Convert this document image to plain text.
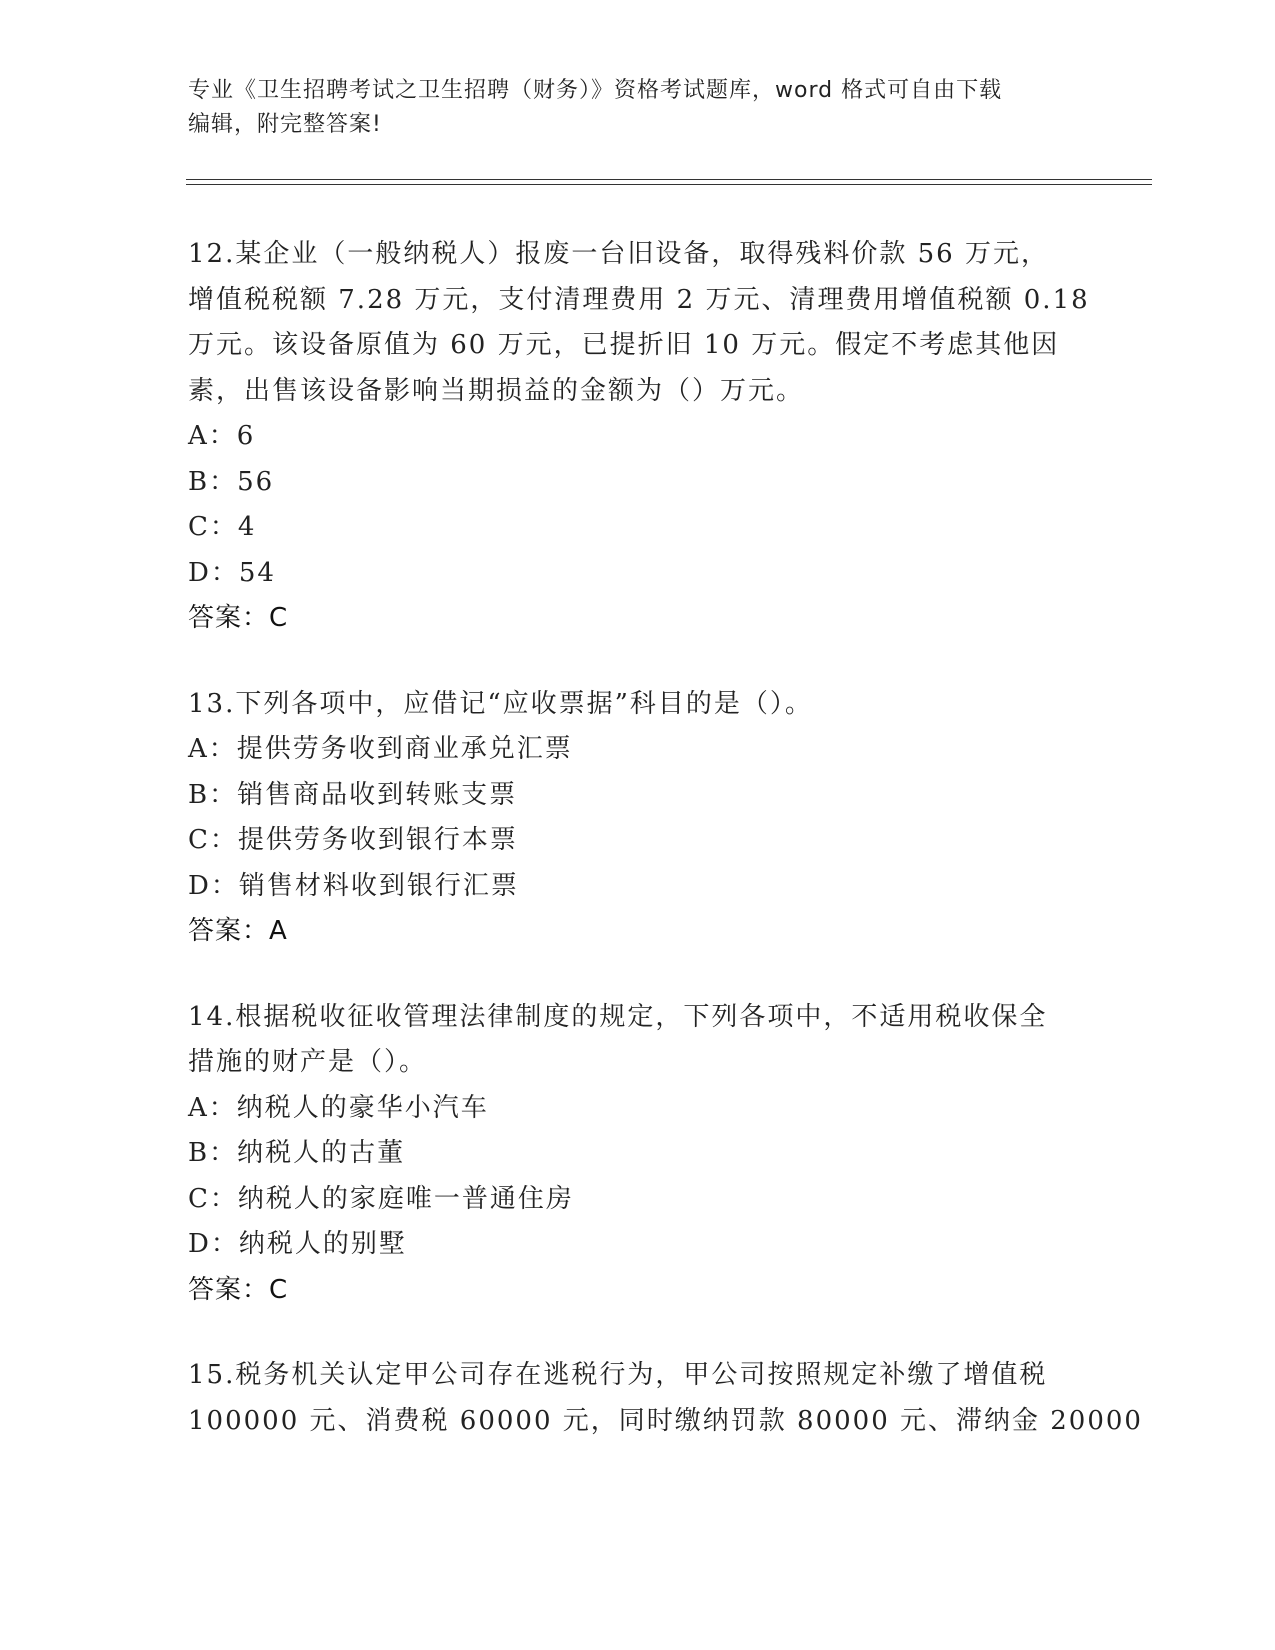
专业《卫生招聘考试之卫生招聘（财务）》资格考试题库，word 格式可自由下载
编辑，附完整答案!
12.某企业（一般纳税人）报废一台旧设备，取得残料价款 56 万元，
增值税税额 7.28 万元，支付清理费用 2 万元、清理费用增值税额 0.18
万元。该设备原值为 60 万元，已提折旧 10 万元。假定不考虑其他因
素，出售该设备影响当期损益的金额为（）万元。
A：6
B：56
C：4
D：54
答案：C
13.下列各项中，应借记“应收票据”科目的是（）。
A：提供劳务收到商业承兑汇票
B：销售商品收到转账支票
C：提供劳务收到银行本票
D：销售材料收到银行汇票
答案：A
14.根据税收征收管理法律制度的规定，下列各项中，不适用税收保全
措施的财产是（）。
A：纳税人的豪华小汽车
B：纳税人的古董
C：纳税人的家庭唯一普通住房
D：纳税人的别墅
答案：C
15.税务机关认定甲公司存在逃税行为，甲公司按照规定补缴了增值税
100000 元、消费税 60000 元，同时缴纳罚款 80000 元、滞纳金 20000
